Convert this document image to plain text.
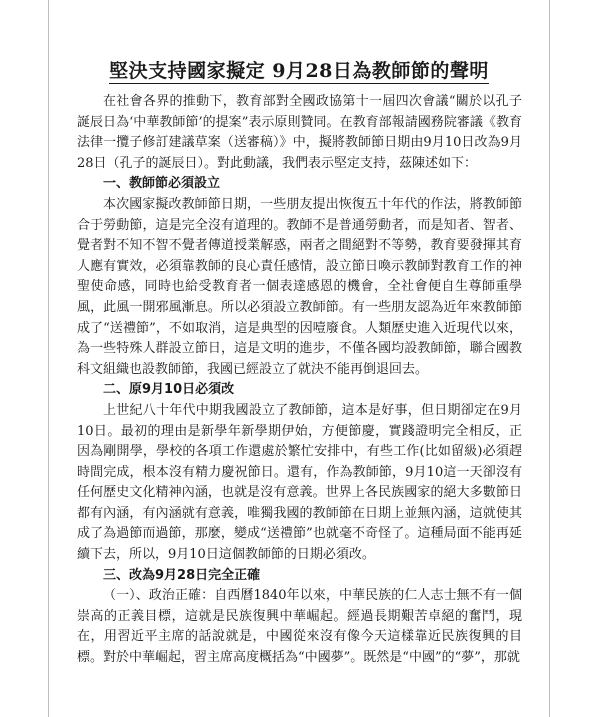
堅決支持國家擬定 9月28日為教師節的聲明

在社會各界的推動下，教育部對全國政協第十一屆四次會議“關於以孔子誕辰日為‘中華教師節’的提案”表示原則贊同。在教育部報請國務院審議《教育法律一攬子修訂建議草案（送審稿）》中，擬將教師節日期由9月10日改為9月28日（孔子的誕辰日）。對此動議，我們表示堅定支持，茲陳述如下：

一、教師節必須設立

本次國家擬改教師節日期，一些朋友提出恢復五十年代的作法，將教師節合于勞動節，這是完全沒有道理的。教師不是普通勞動者，而是知者、智者、覺者對不知不智不覺者傳道授業解惑，兩者之間絕對不等勢，教育要發揮其育人應有實效，必須靠教師的良心責任感情，設立節日喚示教師對教育工作的神聖使命感，同時也給受教育者一個表達感恩的機會，全社會便自生尊師重學風，此風一開邪風漸息。所以必須設立教師節。有一些朋友認為近年來教師節成了“送禮節”，不如取消，這是典型的因噎廢食。人類歷史進入近現代以來，為一些特殊人群設立節日，這是文明的進步，不僅各國均設教師節，聯合國教科文組織也設教師節，我國已經設立了就決不能再倒退回去。

二、原9月10日必須改

上世紀八十年代中期我國設立了教師節，這本是好事，但日期卻定在9月10日。最初的理由是新學年新學期伊始，方便節慶，實踐證明完全相反，正因為剛開學，學校的各項工作還處於繁忙安排中，有些工作(比如留級)必須趕時間完成，根本沒有精力慶祝節日。還有，作為教師節，9月10這一天卻沒有任何歷史文化精神內涵，也就是沒有意義。世界上各民族國家的絕大多數節日都有內涵，有內涵就有意義，唯獨我國的教師節在日期上並無內涵，這就使其成了為過節而過節，那麼，變成“送禮節”也就毫不奇怪了。這種局面不能再延續下去，所以，9月10日這個教師節的日期必須改。

三、改為9月28日完全正確

（一）、政治正確：自西曆1840年以來，中華民族的仁人志士無不有一個崇高的正義目標，這就是民族復興中華崛起。經過長期艱苦卓絕的奮鬥，現在，用習近平主席的話說就是，中國從來沒有像今天這樣靠近民族復興的目標。對於中華崛起，習主席高度概括為“中國夢”。既然是“中國”的“夢”，那就
